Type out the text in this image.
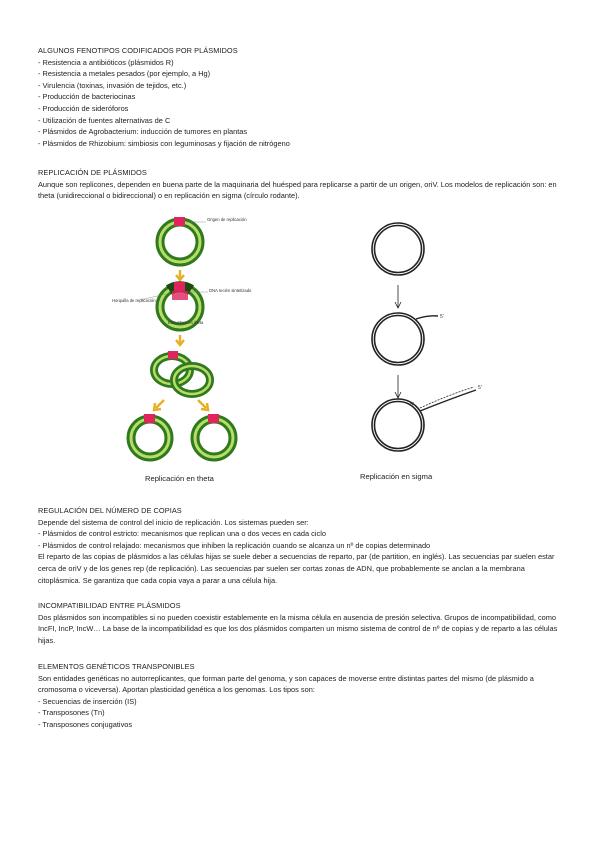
ALGUNOS FENOTIPOS CODIFICADOS POR PLÁSMIDOS
- Resistencia a antibióticos (plásmidos R)
- Resistencia a metales pesados (por ejemplo, a Hg)
- Virulencia (toxinas, invasión de tejidos, etc.)
- Producción de bacteriocinas
- Producción de sideróforos
- Utilización de fuentes alternativas de C
- Plásmidos de Agrobacterium: inducción de tumores en plantas
- Plásmidos de Rhizobium: simbiosis con leguminosas y fijación de nitrógeno
REPLICACIÓN DE PLÁSMIDOS

Aunque son replicones, dependen en buena parte de la maquinaria del huésped para replicarse a partir de un origen, oriV. Los modelos de replicación son: en theta (unidireccional o bidireccional) o en replicación en sigma (círculo rodante).

Origen de replicación
DNA recién sintetizado
Horquilla de replicación
Estructura en theta
Replicación en theta
5'
5'
5'
Replicación en sigma
REGULACIÓN DEL NÚMERO DE COPIAS
Depende del sistema de control del inicio de replicación. Los sistemas pueden ser:
- Plásmidos de control estricto: mecanismos que replican una o dos veces en cada ciclo
- Plásmidos de control relajado: mecanismos que inhiben la replicación cuando se alcanza un nº de copias determinado
El reparto de las copias de plásmidos a las células hijas se suele deber a secuencias de reparto, par (de partition, en inglés). Las secuencias par suelen estar cerca de oriV y de los genes rep (de replicación). Las secuencias par suelen ser cortas zonas de ADN, que probablemente se anclan a la membrana citoplásmica. Se garantiza que cada copia vaya a parar a una célula hija.
INCOMPATIBILIDAD ENTRE PLÁSMIDOS

Dos plásmidos son incompatibles si no pueden coexistir establemente en la misma célula en ausencia de presión selectiva. Grupos de incompatibilidad, como IncFI, IncP, IncW… La base de la incompatibilidad es que los dos plásmidos comparten un mismo sistema de control de nº de copias y de reparto a las células hijas.

ELEMENTOS GENÉTICOS TRANSPONIBLES

Son entidades genéticas no autorreplicantes, que forman parte del genoma, y son capaces de moverse entre distintas partes del mismo (de plásmido a cromosoma o viceversa). Aportan plasticidad genética a los genomas. Los tipos son:

- Secuencias de inserción (IS)
- Transposones (Tn)
- Transposones conjugativos
